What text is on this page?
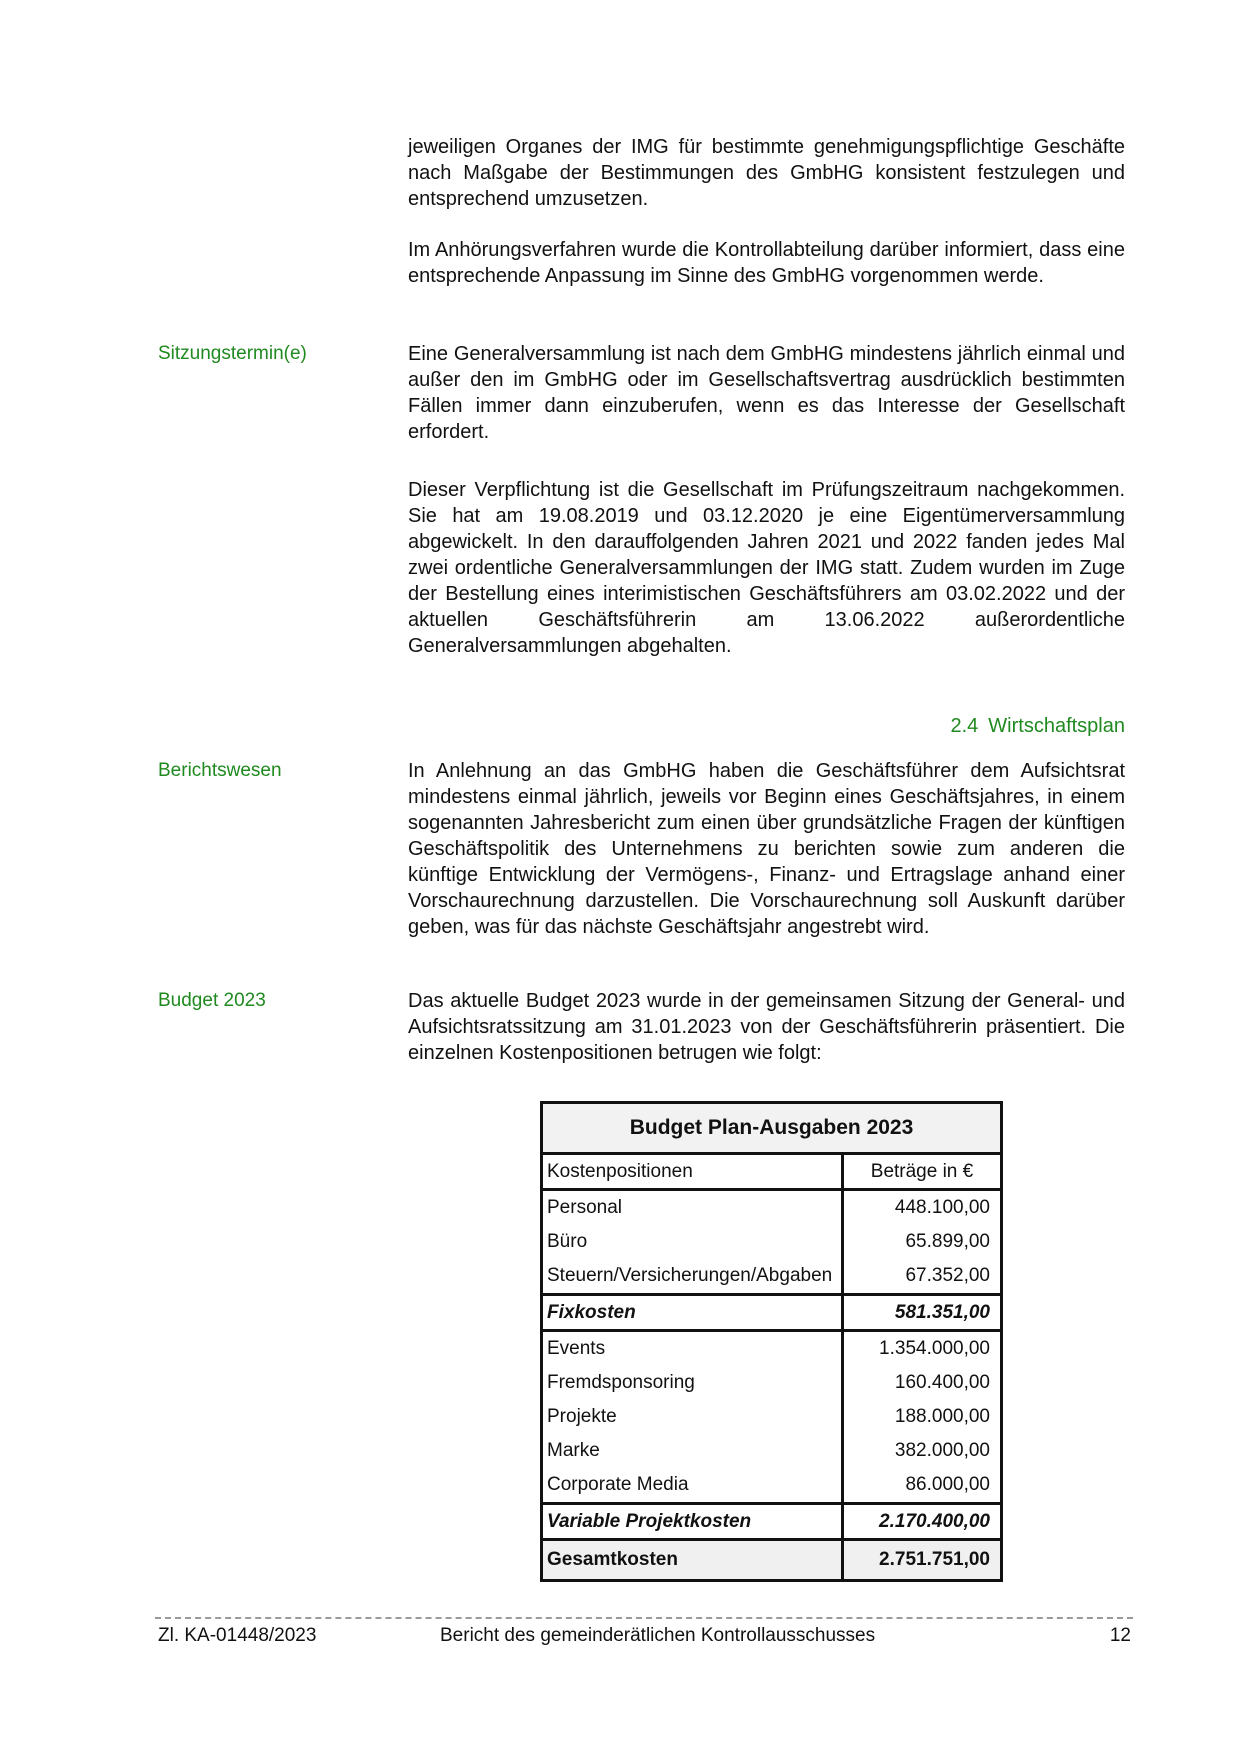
jeweiligen Organes der IMG für bestimmte genehmigungspflichtige Geschäfte nach Maßgabe der Bestimmungen des GmbHG konsistent festzulegen und entsprechend umzusetzen.
Im Anhörungsverfahren wurde die Kontrollabteilung darüber informiert, dass eine entsprechende Anpassung im Sinne des GmbHG vorgenommen werde.
Sitzungstermin(e)	Eine Generalversammlung ist nach dem GmbHG mindestens jährlich einmal und außer den im GmbHG oder im Gesellschaftsvertrag ausdrücklich bestimmten Fällen immer dann einzuberufen, wenn es das Interesse der Gesellschaft erfordert.
Dieser Verpflichtung ist die Gesellschaft im Prüfungszeitraum nachgekommen. Sie hat am 19.08.2019 und 03.12.2020 je eine Eigentümerversammlung abgewickelt. In den darauffolgenden Jahren 2021 und 2022 fanden jedes Mal zwei ordentliche Generalversammlungen der IMG statt. Zudem wurden im Zuge der Bestellung eines interimistischen Geschäftsführers am 03.02.2022 und der aktuellen Geschäftsführerin am 13.06.2022 außerordentliche Generalversammlungen abgehalten.
2.4 Wirtschaftsplan
Berichtswesen	In Anlehnung an das GmbHG haben die Geschäftsführer dem Aufsichtsrat mindestens einmal jährlich, jeweils vor Beginn eines Geschäftsjahres, in einem sogenannten Jahresbericht zum einen über grundsätzliche Fragen der künftigen Geschäftspolitik des Unternehmens zu berichten sowie zum anderen die künftige Entwicklung der Vermögens-, Finanz- und Ertragslage anhand einer Vorschaurechnung darzustellen. Die Vorschaurechnung soll Auskunft darüber geben, was für das nächste Geschäftsjahr angestrebt wird.
Budget 2023	Das aktuelle Budget 2023 wurde in der gemeinsamen Sitzung der General- und Aufsichtsratssitzung am 31.01.2023 von der Geschäftsführerin präsentiert. Die einzelnen Kostenpositionen betrugen wie folgt:
Budget Plan-Ausgaben 2023	
Kostenpositionen	Beträge in €
Personal	448.100,00
Büro	65.899,00
Steuern/Versicherungen/Abgaben	67.352,00
Fixkosten	581.351,00
Events	1.354.000,00
Fremdsponsoring	160.400,00
Projekte	188.000,00
Marke	382.000,00
Corporate Media	86.000,00
Variable Projektkosten	2.170.400,00
Gesamtkosten	2.751.751,00
Zl. KA-01448/2023	Bericht des gemeinderätlichen Kontrollausschusses	12
